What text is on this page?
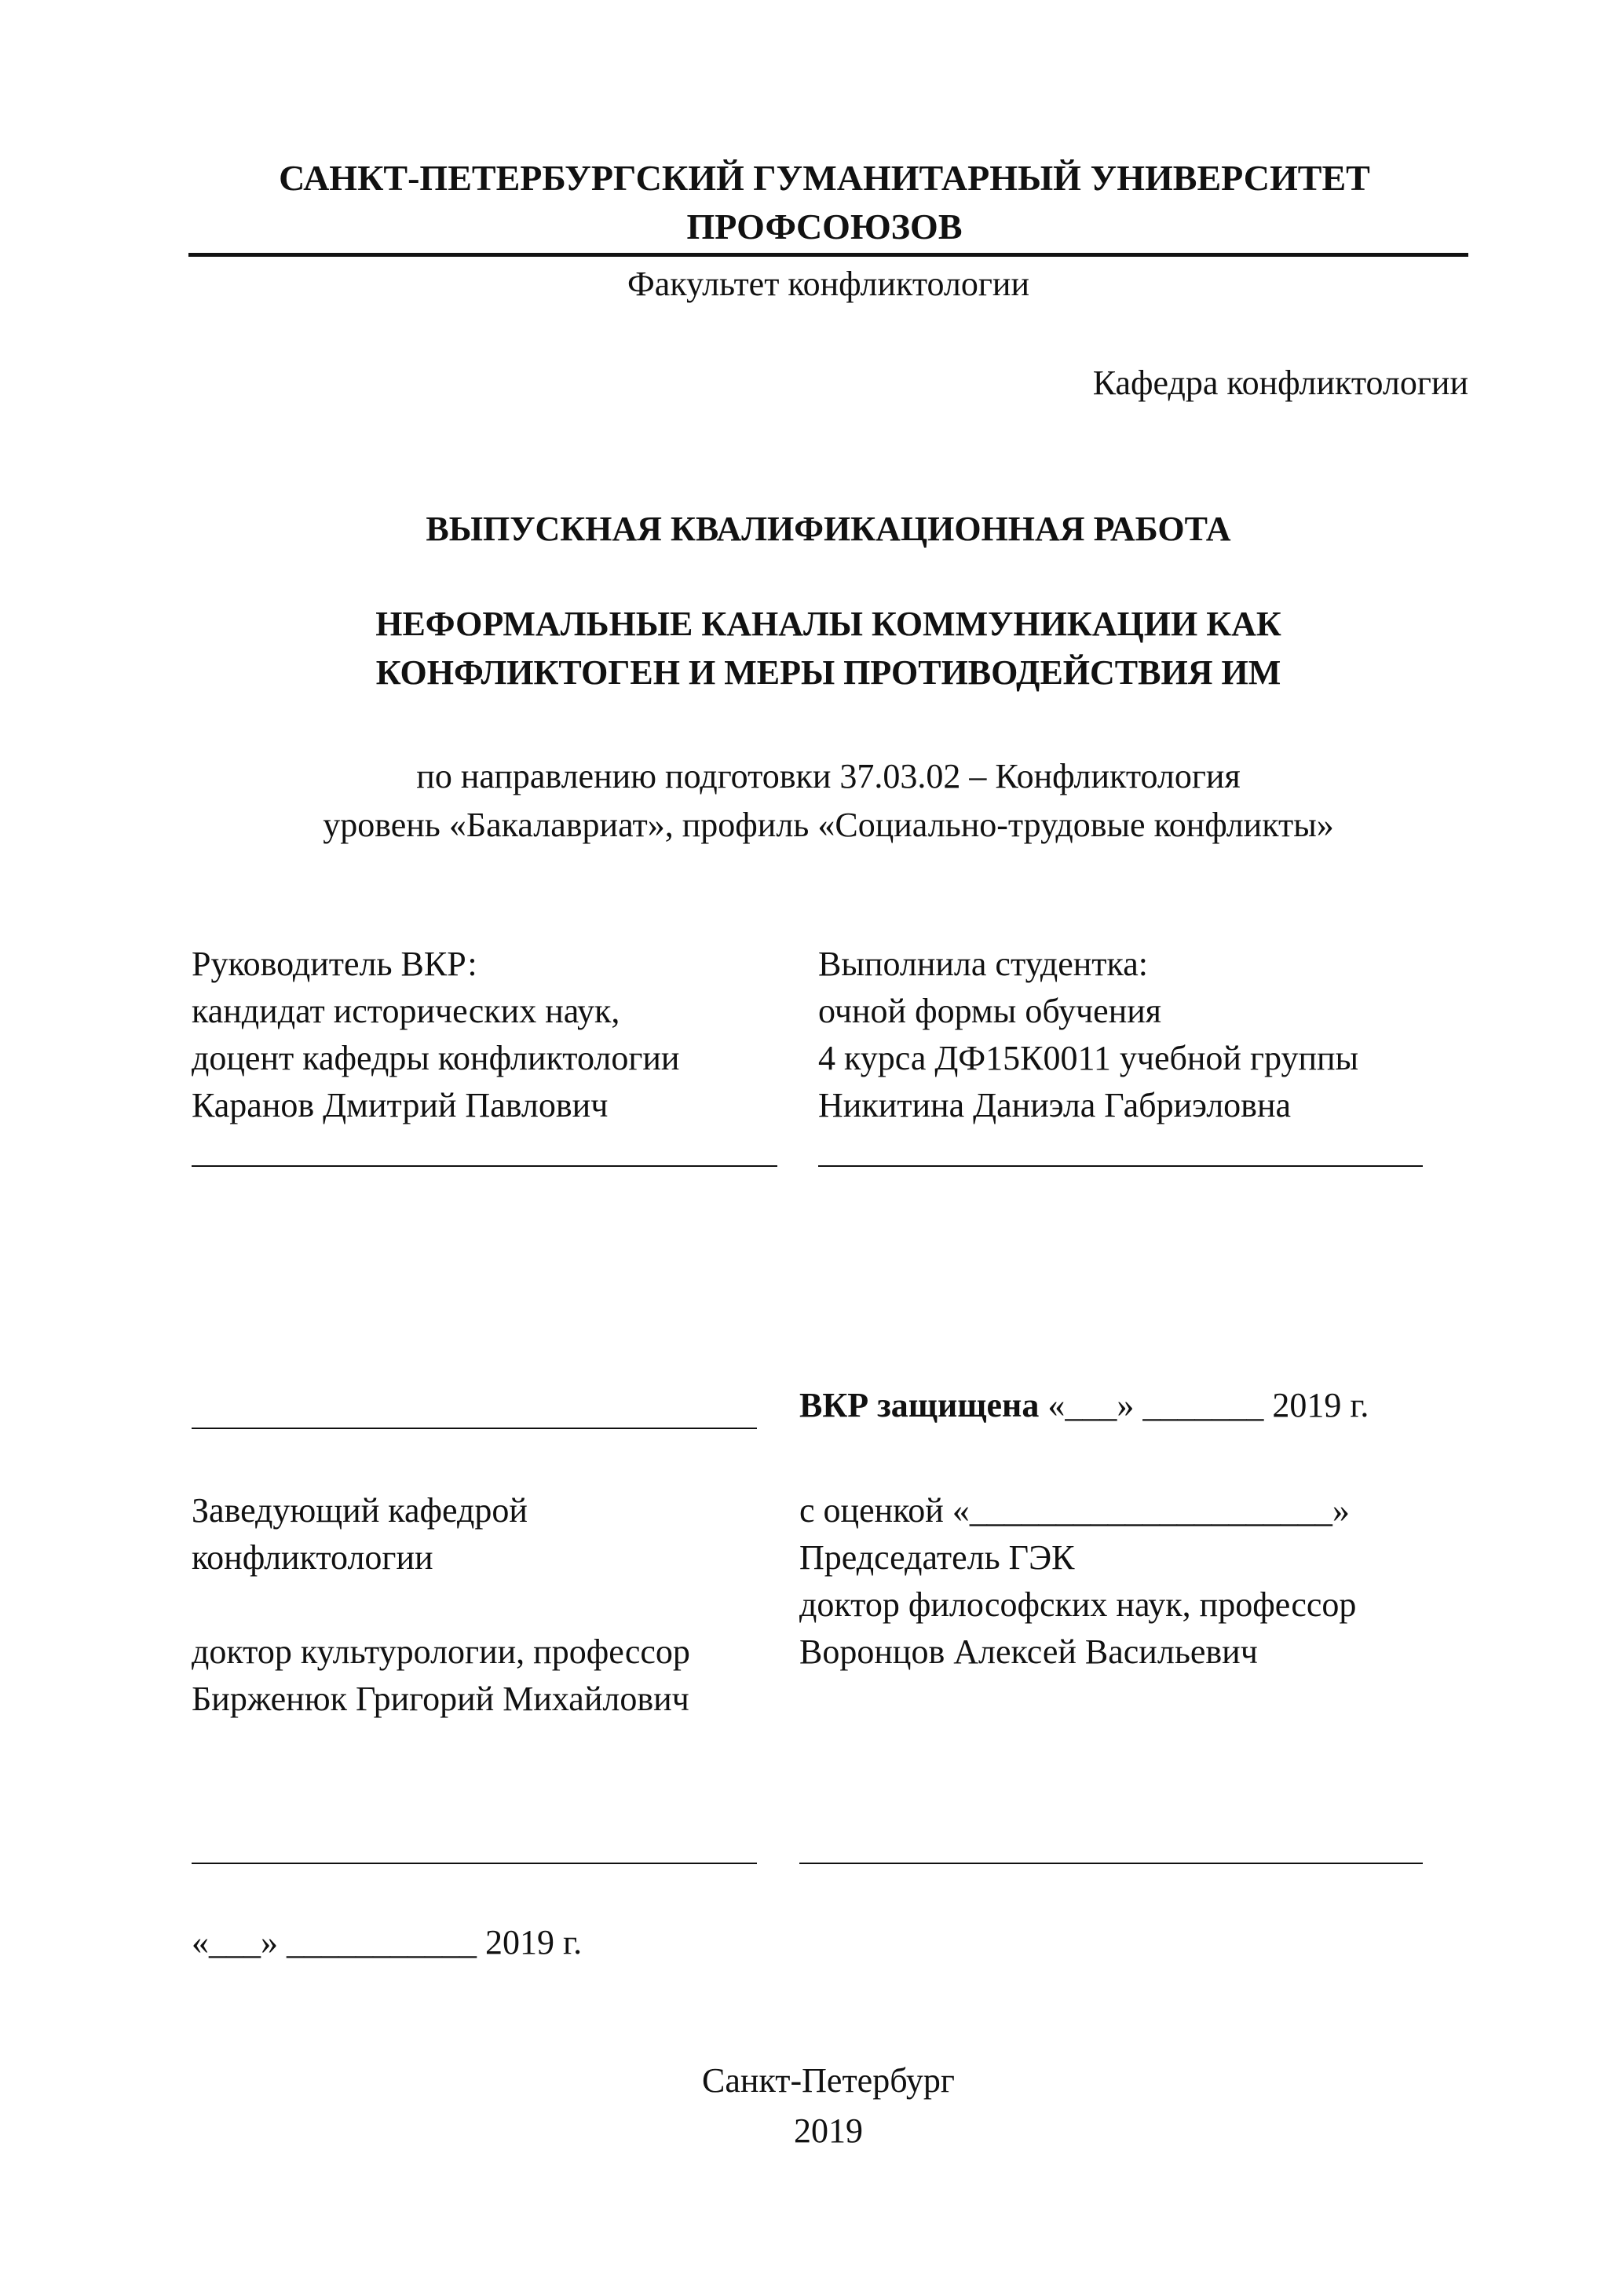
САНКТ-ПЕТЕРБУРГСКИЙ ГУМАНИТАРНЫЙ УНИВЕРСИТЕТ
ПРОФСОЮЗОВ
Факультет конфликтологии
Кафедра конфликтологии
ВЫПУСКНАЯ КВАЛИФИКАЦИОННАЯ РАБОТА
НЕФОРМАЛЬНЫЕ КАНАЛЫ КОММУНИКАЦИИ КАК
КОНФЛИКТОГЕН И МЕРЫ ПРОТИВОДЕЙСТВИЯ ИМ
по направлению подготовки 37.03.02 – Конфликтология
уровень «Бакалавриат», профиль «Социально-трудовые конфликты»
Руководитель ВКР:
кандидат исторических наук,
доцент кафедры конфликтологии
Каранов Дмитрий Павлович
Выполнила студентка:
очной формы обучения
4 курса ДФ15К0011 учебной группы
Никитина Даниэла Габриэловна
ВКР защищена «___» _______ 2019 г.
Заведующий кафедрой
конфликтологии
доктор культурологии, профессор
Бирженюк Григорий Михайлович
с оценкой «_____________________»
Председатель ГЭК
доктор философских наук, профессор
Воронцов Алексей Васильевич
«___» ___________ 2019 г.
Санкт-Петербург
2019
